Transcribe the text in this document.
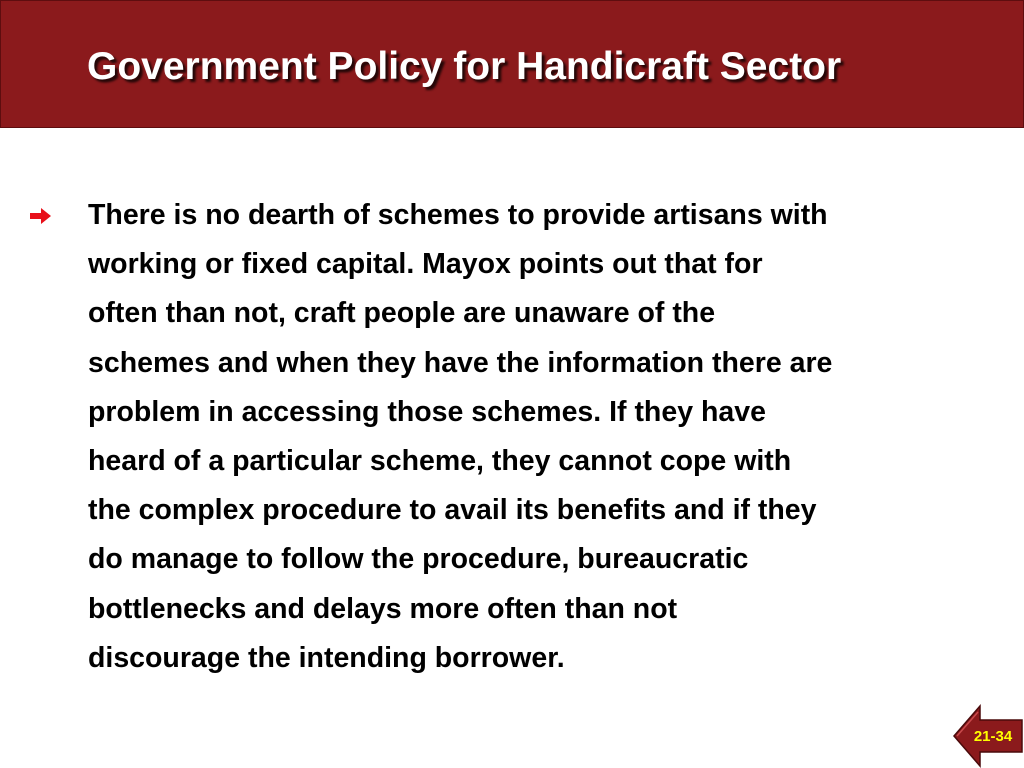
Government Policy for Handicraft Sector

There is no dearth of schemes to provide artisans with
working or fixed capital. Mayox points out that for
often than not, craft people are unaware of the
schemes and when they have the information there are
problem in accessing those schemes. If they have
heard of a particular scheme, they cannot cope with
the complex procedure to avail its benefits and if they
do manage to follow the procedure, bureaucratic
bottlenecks and delays more often than not
discourage the intending borrower.

21-34
